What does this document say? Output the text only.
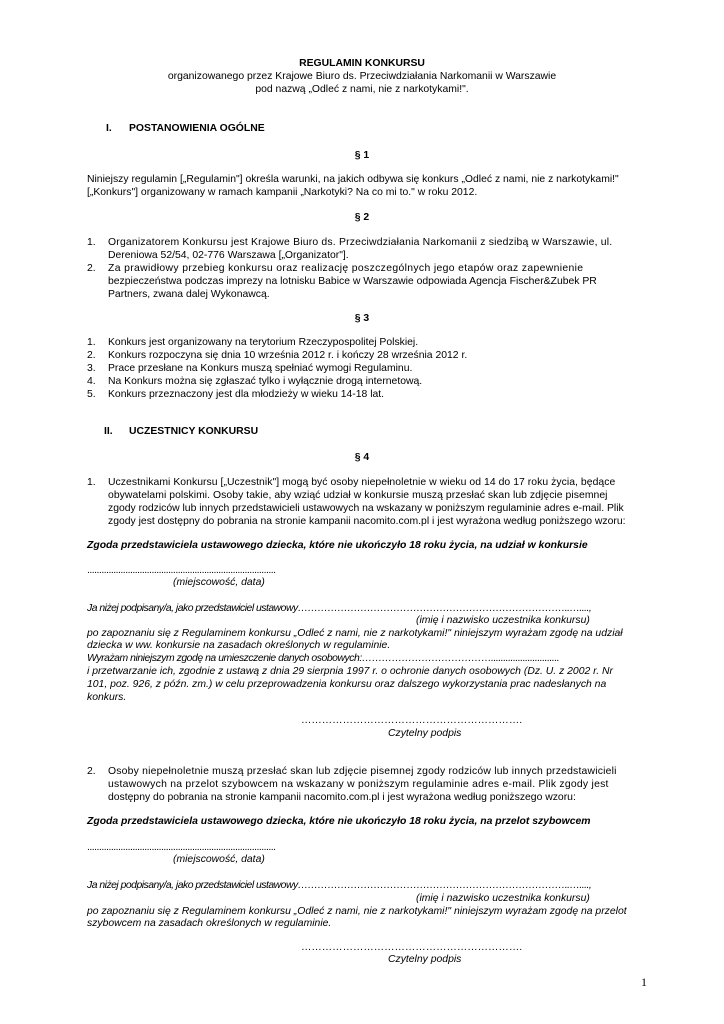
REGULAMIN KONKURSU
organizowanego przez Krajowe Biuro ds. Przeciwdziałania Narkomanii w Warszawie
pod nazwą „Odleć z nami, nie z narkotykami!".
I. POSTANOWIENIA OGÓLNE
§ 1
Niniejszy regulamin [„Regulamin"] określa warunki, na jakich odbywa się konkurs „Odleć z nami, nie z narkotykami!"
[„Konkurs"] organizowany w ramach kampanii „Narkotyki? Na co mi to." w roku 2012.
§ 2
1. Organizatorem Konkursu jest Krajowe Biuro ds. Przeciwdziałania Narkomanii z siedzibą w Warszawie, ul.
Dereniowa 52/54, 02-776 Warszawa [„Organizator"].
2. Za prawidłowy przebieg konkursu oraz realizację poszczególnych jego etapów oraz zapewnienie
bezpieczeństwa podczas imprezy na lotnisku Babice w Warszawie odpowiada Agencja Fischer&Zubek PR
Partners, zwana dalej Wykonawcą.
§ 3
1. Konkurs jest organizowany na terytorium Rzeczypospolitej Polskiej.
2. Konkurs rozpoczyna się dnia 10 września 2012 r. i kończy 28 września 2012 r.
3. Prace przesłane na Konkurs muszą spełniać wymogi Regulaminu.
4. Na Konkurs można się zgłaszać tylko i wyłącznie drogą internetową.
5. Konkurs przeznaczony jest dla młodzieży w wieku 14-18 lat.
II. UCZESTNICY KONKURSU
§ 4
1. Uczestnikami Konkursu [„Uczestnik"] mogą być osoby niepełnoletnie w wieku od 14 do 17 roku życia, będące
obywatelami polskimi. Osoby takie, aby wziąć udział w konkursie muszą przesłać skan lub zdjęcie pisemnej
zgody rodziców lub innych przedstawicieli ustawowych na wskazany w poniższym regulaminie adres e-mail. Plik
zgody jest dostępny do pobrania na stronie kampanii nacomito.com.pl i jest wyrażona według poniższego wzoru:
Zgoda przedstawiciela ustawowego dziecka, które nie ukończyło 18 roku życia, na udział w konkursie
...............................................................................
(miejscowość, data)
Ja niżej podpisany/a, jako przedstawiciel ustawowy………………………………………………………………………..…....,
(imię i nazwisko uczestnika konkursu)
po zapoznaniu się z Regulaminem konkursu „Odleć z nami, nie z narkotykami!" niniejszym wyrażam zgodę na udział
dziecka w ww. konkursie na zasadach określonych w regulaminie.
Wyrażam niniejszym zgodę na umieszczenie danych osobowych:…………………………………............................
i przetwarzanie ich, zgodnie z ustawą z dnia 29 sierpnia 1997 r. o ochronie danych osobowych (Dz. U. z 2002 r. Nr
101, poz. 926, z późn. zm.) w celu przeprowadzenia konkursu oraz dalszego wykorzystania prac nadesłanych na
konkurs.
……………………………………………………….
Czytelny podpis
2. Osoby niepełnoletnie muszą przesłać skan lub zdjęcie pisemnej zgody rodziców lub innych przedstawicieli
ustawowych na przelot szybowcem na wskazany w poniższym regulaminie adres e-mail. Plik zgody jest
dostępny do pobrania na stronie kampanii nacomito.com.pl i jest wyrażona według poniższego wzoru:
Zgoda przedstawiciela ustawowego dziecka, które nie ukończyło 18 roku życia, na przelot szybowcem
...............................................................................
(miejscowość, data)
Ja niżej podpisany/a, jako przedstawiciel ustawowy………………………………………………………………………..…....,
(imię i nazwisko uczestnika konkursu)
po zapoznaniu się z Regulaminem konkursu „Odleć z nami, nie z narkotykami!" niniejszym wyrażam zgodę na przelot
szybowcem na zasadach określonych w regulaminie.
……………………………………………………….
Czytelny podpis
1
